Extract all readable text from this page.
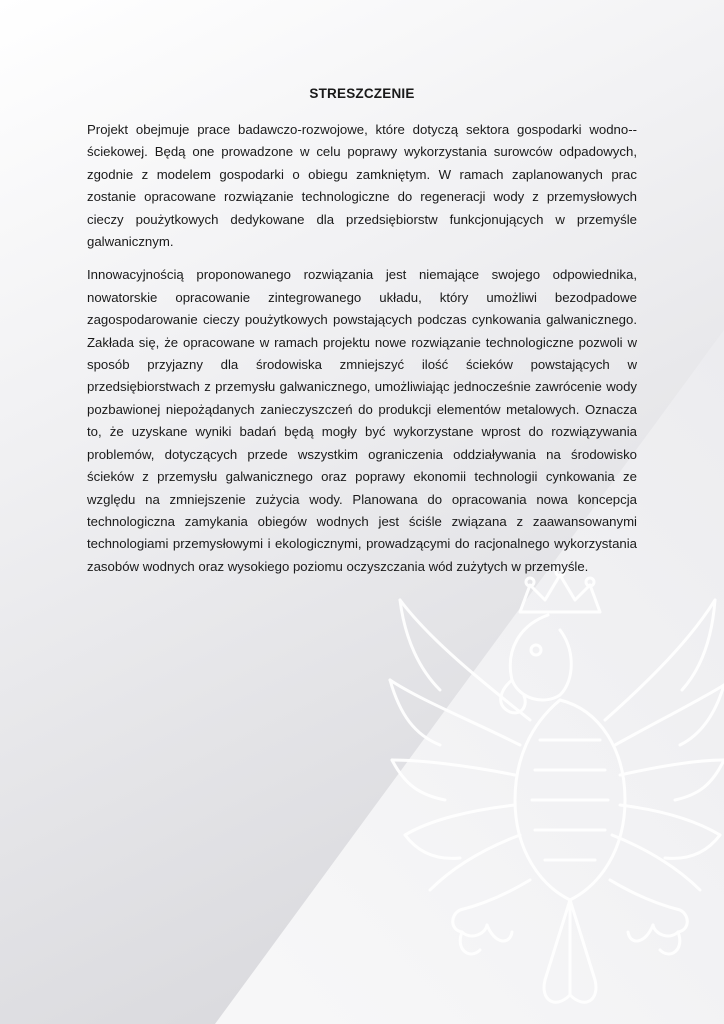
STRESZCZENIE

Projekt obejmuje prace badawczo-rozwojowe, które dotyczą sektora gospodarki wodno--ściekowej. Będą one prowadzone w celu poprawy wykorzystania surowców odpadowych, zgodnie z modelem gospodarki o obiegu zamkniętym. W ramach zaplanowanych prac zostanie opracowane rozwiązanie technologiczne do regeneracji wody z przemysłowych cieczy poużytkowych dedykowane dla przedsiębiorstw funkcjonujących w przemyśle galwanicznym.

Innowacyjnością proponowanego rozwiązania jest niemające swojego odpowiednika, nowatorskie opracowanie zintegrowanego układu, który umożliwi bezodpadowe zagospodarowanie cieczy poużytkowych powstających podczas cynkowania galwanicznego. Zakłada się, że opracowane w ramach projektu nowe rozwiązanie technologiczne pozwoli w sposób przyjazny dla środowiska zmniejszyć ilość ścieków powstających w przedsiębiorstwach z przemysłu galwanicznego, umożliwiając jednocześnie zawrócenie wody pozbawionej niepożądanych zanieczyszczeń do produkcji elementów metalowych. Oznacza to, że uzyskane wyniki badań będą mogły być wykorzystane wprost do rozwiązywania problemów, dotyczących przede wszystkim ograniczenia oddziaływania na środowisko ścieków z przemysłu galwanicznego oraz poprawy ekonomii technologii cynkowania ze względu na zmniejszenie zużycia wody. Planowana do opracowania nowa koncepcja technologiczna zamykania obiegów wodnych jest ściśle związana z zaawansowanymi technologiami przemysłowymi i ekologicznymi, prowadzącymi do racjonalnego wykorzystania zasobów wodnych oraz wysokiego poziomu oczyszczania wód zużytych w przemyśle.
